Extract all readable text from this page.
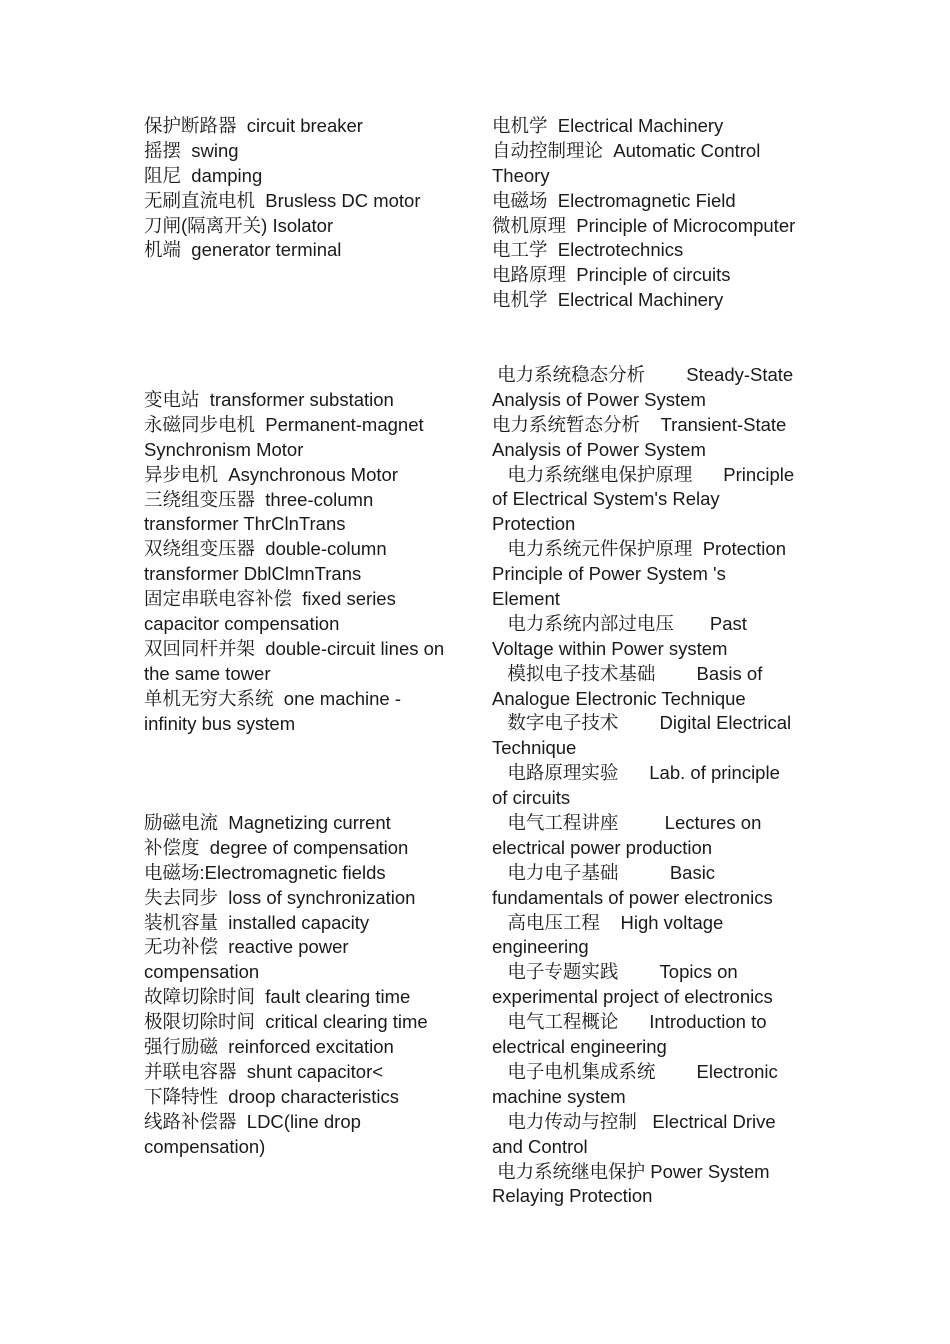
保护断路器  circuit breaker
摇摆  swing
阻尼  damping
无刷直流电机  Brusless DC motor
刀闸(隔离开关) Isolator
机端  generator terminal
变电站  transformer substation
永磁同步电机  Permanent-magnet
Synchronism Motor
异步电机  Asynchronous Motor
三绕组变压器  three-column
transformer ThrClnTrans
双绕组变压器  double-column
transformer DblClmnTrans
固定串联电容补偿  fixed series
capacitor compensation
双回同杆并架  double-circuit lines on
the same tower
单机无穷大系统  one machine -
infinity bus system
励磁电流  Magnetizing current
补偿度  degree of compensation
电磁场:Electromagnetic fields
失去同步  loss of synchronization
装机容量  installed capacity
无功补偿  reactive power
compensation
故障切除时间  fault clearing time
极限切除时间  critical clearing time
强行励磁  reinforced excitation
并联电容器  shunt capacitor<
下降特性  droop characteristics
线路补偿器  LDC(line drop
compensation)
电机学  Electrical Machinery
自动控制理论  Automatic Control
Theory
电磁场  Electromagnetic Field
微机原理  Principle of Microcomputer
电工学  Electrotechnics
电路原理  Principle of circuits
电机学  Electrical Machinery
电力系统稳态分析        Steady-State
Analysis of Power System
电力系统暂态分析    Transient-State
Analysis of Power System
电力系统继电保护原理      Principle
of Electrical System's Relay
Protection
电力系统元件保护原理  Protection
Principle of Power System 's
Element
电力系统内部过电压       Past
Voltage within Power system
模拟电子技术基础        Basis of
Analogue Electronic Technique
数字电子技术        Digital Electrical
Technique
电路原理实验      Lab. of principle
of circuits
电气工程讲座         Lectures on
electrical power production
电力电子基础          Basic
fundamentals of power electronics
高电压工程    High voltage
engineering
电子专题实践        Topics on
experimental project of electronics
电气工程概论      Introduction to
electrical engineering
电子电机集成系统        Electronic
machine system
电力传动与控制   Electrical Drive
and Control
电力系统继电保护 Power System
Relaying Protection
